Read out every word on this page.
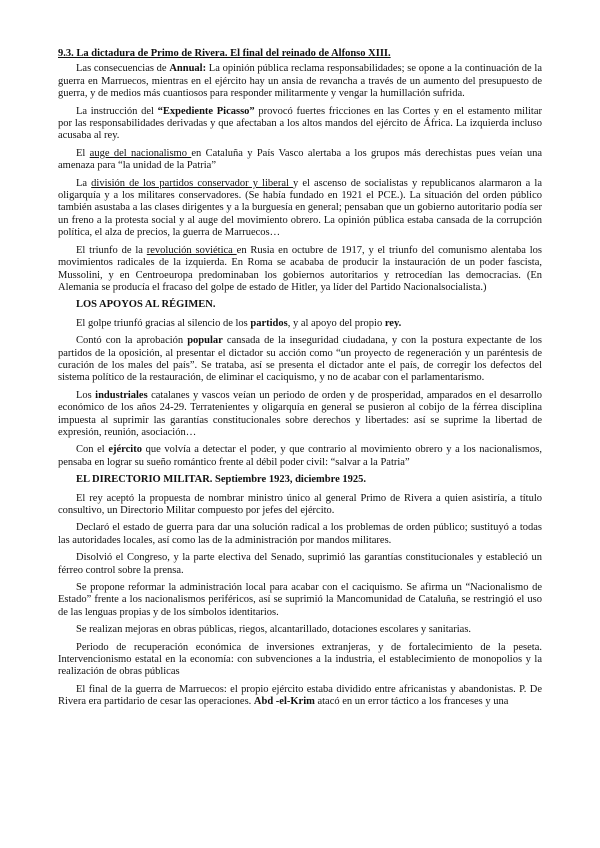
9.3. La dictadura de Primo de Rivera. El final del reinado de Alfonso XIII.

Las consecuencias de Annual: La opinión pública reclama responsabilidades; se opone a la continuación de la guerra en Marruecos, mientras en el ejército hay un ansia de revancha a través de un aumento del presupuesto de guerra, y de medios más cuantiosos para responder militarmente y vengar la humillación sufrida.

La instrucción del “Expediente Picasso” provocó fuertes fricciones en las Cortes y en el estamento militar por las responsabilidades derivadas y que afectaban a los altos mandos del ejército de África. La izquierda incluso acusaba al rey.

El auge del nacionalismo en Cataluña y País Vasco alertaba a los grupos más derechistas pues veían una amenaza para “la unidad de la Patria”

La división de los partidos conservador y liberal y el ascenso de socialistas y republicanos alarmaron a la oligarquía y a los militares conservadores. (Se había fundado en 1921 el PCE.). La situación del orden público también asustaba a las clases dirigentes y a la burguesía en general; pensaban que un gobierno autoritario podía ser un freno a la protesta social y al auge del movimiento obrero. La opinión pública estaba cansada de la corrupción política, el alza de precios, la guerra de Marruecos…

El triunfo de la revolución soviética en Rusia en octubre de 1917, y el triunfo del comunismo alentaba los movimientos radicales de la izquierda. En Roma se acababa de producir la instauración de un poder fascista, Mussolini, y en Centroeuropa predominaban los gobiernos autoritarios y retrocedían las democracias. (En Alemania se producía el fracaso del golpe de estado de Hitler, ya líder del Partido Nacionalsocialista.)

LOS APOYOS AL RÉGIMEN.

El golpe triunfó gracias al silencio de los partidos, y al apoyo del propio rey.

Contó con la aprobación popular cansada de la inseguridad ciudadana, y con la postura expectante de los partidos de la oposición, al presentar el dictador su acción como “un proyecto de regeneración y un paréntesis de curación de los males del país”. Se trataba, así se presenta el dictador ante el país, de corregir los defectos del sistema político de la restauración, de eliminar el caciquismo, y no de acabar con el parlamentarismo.

Los industriales catalanes y vascos veían un periodo de orden y de prosperidad, amparados en el desarrollo económico de los años 24-29. Terratenientes y oligarquía en general se pusieron al cobijo de la férrea disciplina impuesta al suprimir las garantías constitucionales sobre derechos y libertades: así se suprime la libertad de expresión, reunión, asociación…

Con el ejército que volvía a detectar el poder, y que contrario al movimiento obrero y a los nacionalismos, pensaba en lograr su sueño romántico frente al débil poder civil: “salvar a la Patria”

EL DIRECTORIO MILITAR. Septiembre 1923, diciembre 1925.

El rey aceptó la propuesta de nombrar ministro único al general Primo de Rivera a quien asistiría, a título consultivo, un Directorio Militar compuesto por jefes del ejército.

Declaró el estado de guerra para dar una solución radical a los problemas de orden público; sustituyó a todas las autoridades locales, así como las de la administración por mandos militares.

Disolvió el Congreso, y la parte electiva del Senado, suprimió las garantías constitucionales y estableció un férreo control sobre la prensa.

Se propone reformar la administración local para acabar con el caciquismo. Se afirma un “Nacionalismo de Estado” frente a los nacionalismos periféricos, así se suprimió la Mancomunidad de Cataluña, se restringió el uso de las lenguas propias y de los símbolos identitarios.

Se realizan mejoras en obras públicas, riegos, alcantarillado, dotaciones escolares y sanitarias.

Periodo de recuperación económica de inversiones extranjeras, y de fortalecimiento de la peseta. Intervencionismo estatal en la economía: con subvenciones a la industria, el establecimiento de monopolios y la realización de obras públicas

El final de la guerra de Marruecos: el propio ejército estaba dividido entre africanistas y abandonistas. P. De Rivera era partidario de cesar las operaciones. Abd -el-Krim atacó en un error táctico a los franceses y una
